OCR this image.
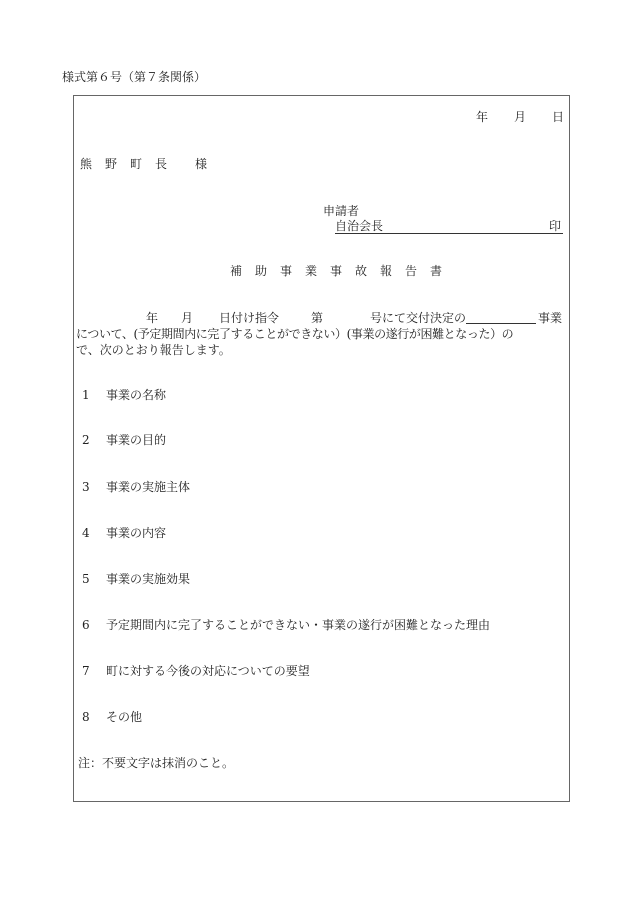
様式第６号（第７条関係）
年 月 日
熊野町長 様
申請者
自治会長	印
補助事業事故報告書
年 月 日付け指令	第	号にて交付決定の	事業
について、(予定期間内に完了することができない）(事業の遂行が困難となった）の
で、次のとおり報告します。
1 事業の名称
2 事業の目的
3 事業の実施主体
4 事業の内容
5 事業の実施効果
6 予定期間内に完了することができない・事業の遂行が困難となった理由
7 町に対する今後の対応についての要望
8 その他
注：不要文字は抹消のこと。
